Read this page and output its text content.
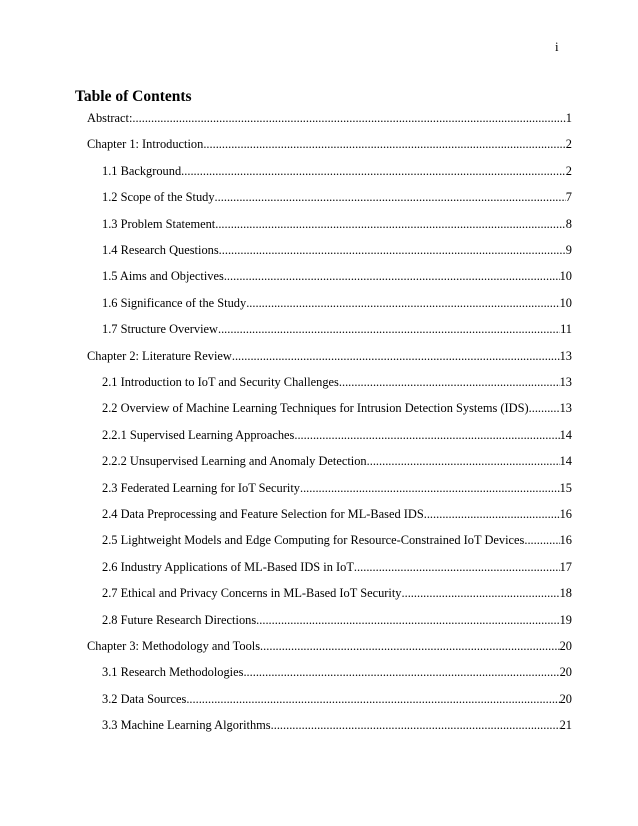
i
Table of Contents
Abstract: .....	1
Chapter 1: Introduction .....	2
1.1 Background .....	2
1.2 Scope of the Study .....	7
1.3 Problem Statement .....	8
1.4 Research Questions .....	9
1.5 Aims and Objectives .....	10
1.6 Significance of the Study .....	10
1.7 Structure Overview .....	11
Chapter 2: Literature Review .....	13
2.1 Introduction to IoT and Security Challenges .....	13
2.2 Overview of Machine Learning Techniques for Intrusion Detection Systems (IDS) ..... 13
2.2.1 Supervised Learning Approaches .....	14
2.2.2 Unsupervised Learning and Anomaly Detection .....	14
2.3 Federated Learning for IoT Security .....	15
2.4 Data Preprocessing and Feature Selection for ML-Based IDS .....	16
2.5 Lightweight Models and Edge Computing for Resource-Constrained IoT Devices .....	16
2.6 Industry Applications of ML-Based IDS in IoT .....	17
2.7 Ethical and Privacy Concerns in ML-Based IoT Security .....	18
2.8 Future Research Directions .....	19
Chapter 3: Methodology and Tools .....	20
3.1 Research Methodologies .....	20
3.2 Data Sources .....	20
3.3 Machine Learning Algorithms .....	21
